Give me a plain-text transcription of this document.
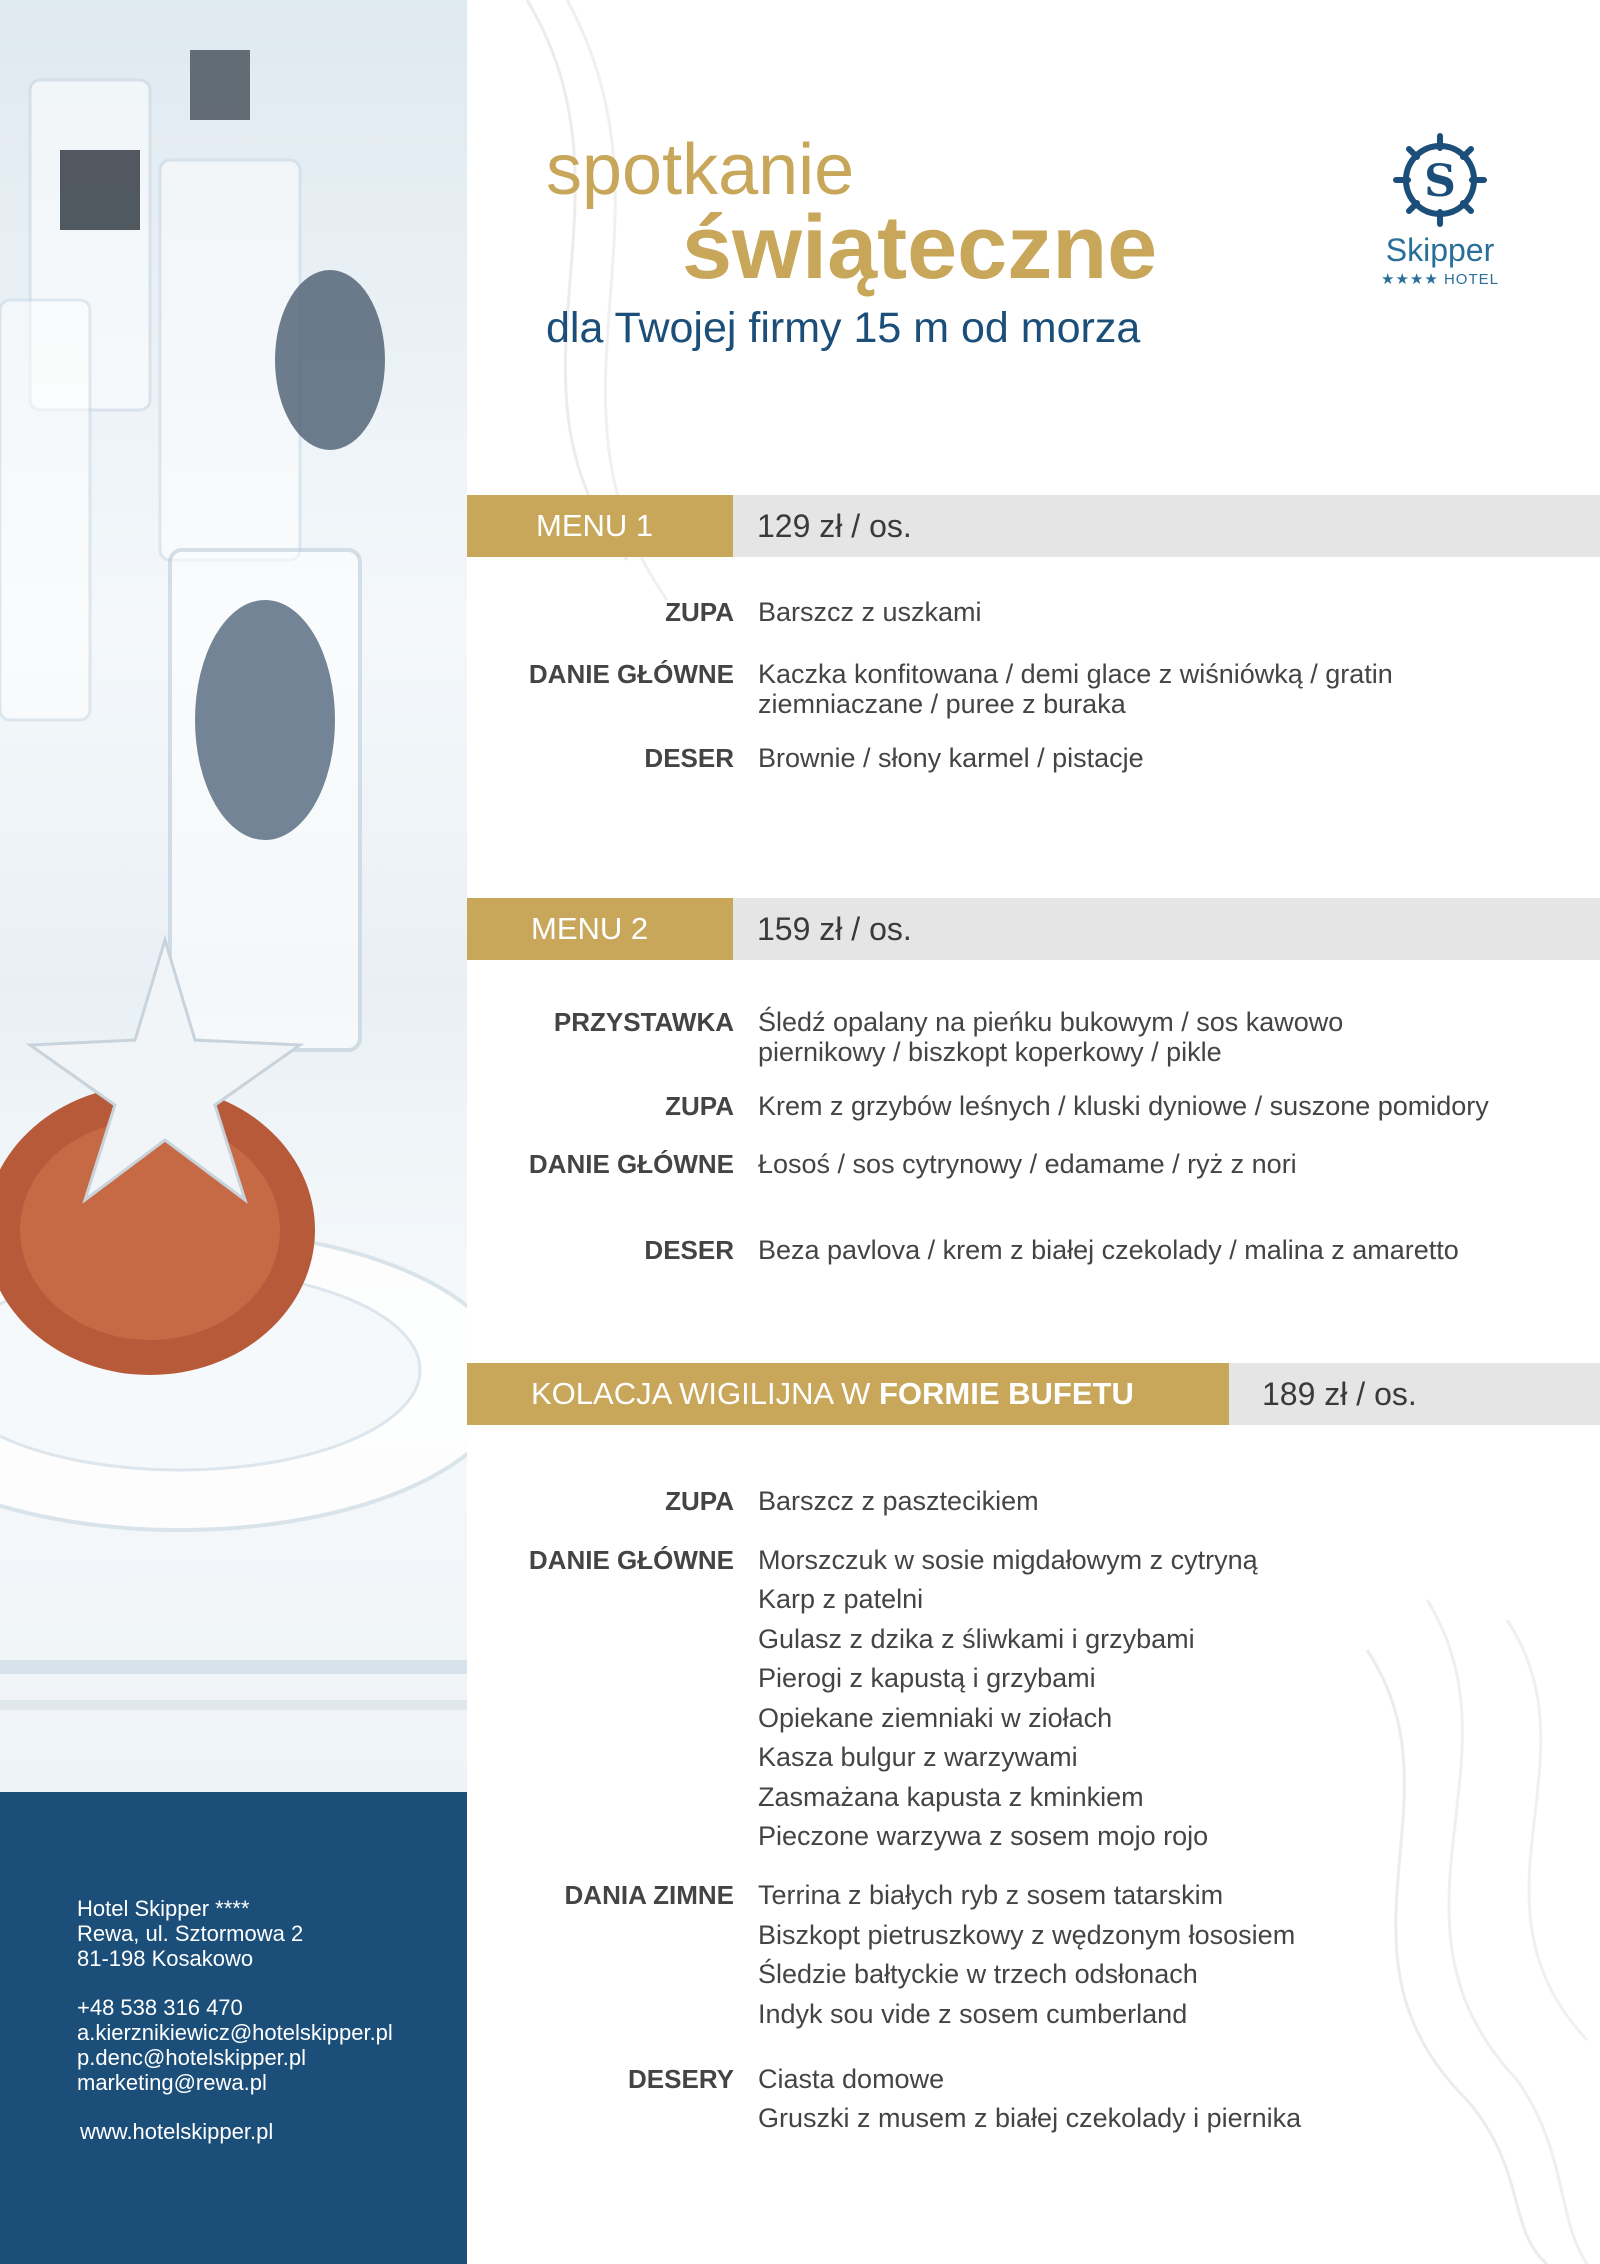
Hotel Skipper ****
Rewa, ul. Sztormowa 2
81-198 Kosakowo
+48 538 316 470
a.kierznikiewicz@hotelskipper.pl
p.denc@hotelskipper.pl
marketing@rewa.pl
www.hotelskipper.pl
spotkanie
świąteczne
dla Twojej firmy 15 m od morza
S
Skipper
★★★★ HOTEL
MENU 1	129 zł / os.
ZUPA Barszcz z uszkami
DANIE GŁÓWNE Kaczka konfitowana / demi glace z wiśniówką / gratin ziemniaczane / puree z buraka
DESER Brownie / słony karmel / pistacje
MENU 2	159 zł / os.
PRZYSTAWKA Śledź opalany na pieńku bukowym / sos kawowo piernikowy / biszkopt koperkowy / pikle
ZUPA Krem z grzybów leśnych / kluski dyniowe / suszone pomidory
DANIE GŁÓWNE Łosoś / sos cytrynowy / edamame / ryż z nori
DESER Beza pavlova / krem z białej czekolady / malina z amaretto
KOLACJA WIGILIJNA W FORMIE BUFETU	189 zł / os.
ZUPA Barszcz z pasztecikiem
DANIE GŁÓWNE Morszczuk w sosie migdałowym z cytryną
Karp z patelni
Gulasz z dzika z śliwkami i grzybami
Pierogi z kapustą i grzybami
Opiekane ziemniaki w ziołach
Kasza bulgur z warzywami
Zasmażana kapusta z kminkiem
Pieczone warzywa z sosem mojo rojo
DANIA ZIMNE Terrina z białych ryb z sosem tatarskim
Biszkopt pietruszkowy z wędzonym łososiem
Śledzie bałtyckie w trzech odsłonach
Indyk sou vide z sosem cumberland
DESERY Ciasta domowe
Gruszki z musem z białej czekolady i piernika
